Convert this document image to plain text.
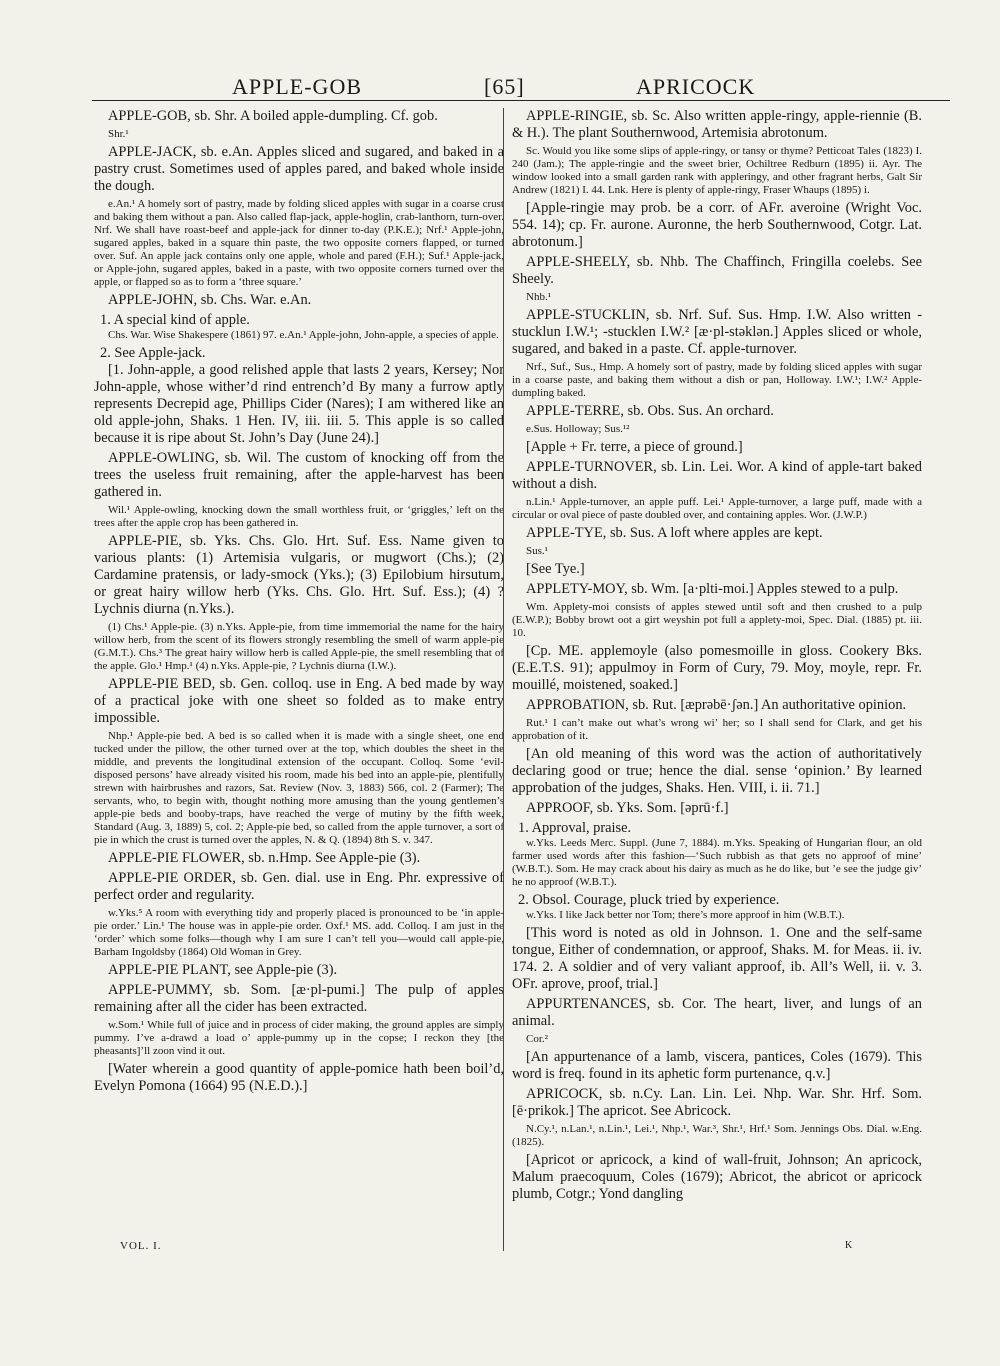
APPLE-GOB	[65]	APRICOCK

APPLE-GOB, sb. Shr. A boiled apple-dumpling. Cf. gob.

Shr.¹

APPLE-JACK, sb. e.An. Apples sliced and sugared, and baked in a pastry crust. Sometimes used of apples pared, and baked whole inside the dough.

e.An.¹ A homely sort of pastry, made by folding sliced apples with sugar in a coarse crust and baking them without a pan. Also called flap-jack, apple-hoglin, crab-lanthorn, turn-over. Nrf. We shall have roast-beef and apple-jack for dinner to-day (P.K.E.); Nrf.¹ Apple-john, sugared apples, baked in a square thin paste, the two opposite corners flapped, or turned over. Suf. An apple jack contains only one apple, whole and pared (F.H.); Suf.¹ Apple-jack, or Apple-john, sugared apples, baked in a paste, with two opposite corners turned over the apple, or flapped so as to form a ‘three square.’

APPLE-JOHN, sb. Chs. War. e.An.

1. A special kind of apple.

Chs. War. Wise Shakespere (1861) 97. e.An.¹ Apple-john, John-apple, a species of apple.

2. See Apple-jack.

[1. John-apple, a good relished apple that lasts 2 years, Kersey; Nor John-apple, whose wither’d rind entrench’d By many a furrow aptly represents Decrepid age, Phillips Cider (Nares); I am withered like an old apple-john, Shaks. 1 Hen. IV, iii. iii. 5. This apple is so called because it is ripe about St. John’s Day (June 24).]

APPLE-OWLING, sb. Wil. The custom of knocking off from the trees the useless fruit remaining, after the apple-harvest has been gathered in.

Wil.¹ Apple-owling, knocking down the small worthless fruit, or ‘griggles,’ left on the trees after the apple crop has been gathered in.

APPLE-PIE, sb. Yks. Chs. Glo. Hrt. Suf. Ess. Name given to various plants: (1) Artemisia vulgaris, or mugwort (Chs.); (2) Cardamine pratensis, or lady-smock (Yks.); (3) Epilobium hirsutum, or great hairy willow herb (Yks. Chs. Glo. Hrt. Suf. Ess.); (4) ? Lychnis diurna (n.Yks.).

(1) Chs.¹ Apple-pie. (3) n.Yks. Apple-pie, from time immemorial the name for the hairy willow herb, from the scent of its flowers strongly resembling the smell of warm apple-pie (G.M.T.). Chs.³ The great hairy willow herb is called Apple-pie, the smell resembling that of the apple. Glo.¹ Hmp.¹ (4) n.Yks. Apple-pie, ? Lychnis diurna (I.W.).

APPLE-PIE BED, sb. Gen. colloq. use in Eng. A bed made by way of a practical joke with one sheet so folded as to make entry impossible.

Nhp.¹ Apple-pie bed. A bed is so called when it is made with a single sheet, one end tucked under the pillow, the other turned over at the top, which doubles the sheet in the middle, and prevents the longitudinal extension of the occupant. Colloq. Some ‘evil-disposed persons’ have already visited his room, made his bed into an apple-pie, plentifully strewn with hairbrushes and razors, Sat. Review (Nov. 3, 1883) 566, col. 2 (Farmer); The servants, who, to begin with, thought nothing more amusing than the young gentlemen’s apple-pie beds and booby-traps, have reached the verge of mutiny by the fifth week, Standard (Aug. 3, 1889) 5, col. 2; Apple-pie bed, so called from the apple turnover, a sort of pie in which the crust is turned over the apples, N. & Q. (1894) 8th S. v. 347.

APPLE-PIE FLOWER, sb. n.Hmp. See Apple-pie (3).

APPLE-PIE ORDER, sb. Gen. dial. use in Eng. Phr. expressive of perfect order and regularity.

w.Yks.⁵ A room with everything tidy and properly placed is pronounced to be ‘in apple-pie order.’ Lin.¹ The house was in apple-pie order. Oxf.¹ MS. add. Colloq. I am just in the ‘order’ which some folks—though why I am sure I can’t tell you—would call apple-pie, Barham Ingoldsby (1864) Old Woman in Grey.

APPLE-PIE PLANT, see Apple-pie (3).

APPLE-PUMMY, sb. Som. [æ·pl-pumi.] The pulp of apples remaining after all the cider has been extracted.

w.Som.¹ While full of juice and in process of cider making, the ground apples are simply pummy. I’ve a-drawd a load o’ apple-pummy up in the copse; I reckon they [the pheasants]’ll zoon vind it out.

[Water wherein a good quantity of apple-pomice hath been boil’d, Evelyn Pomona (1664) 95 (N.E.D.).]

APPLE-RINGIE, sb. Sc. Also written apple-ringy, apple-riennie (B. & H.). The plant Southernwood, Artemisia abrotonum.

Sc. Would you like some slips of apple-ringy, or tansy or thyme? Petticoat Tales (1823) I. 240 (Jam.); The apple-ringie and the sweet brier, Ochiltree Redburn (1895) ii. Ayr. The window looked into a small garden rank with appleringy, and other fragrant herbs, Galt Sir Andrew (1821) I. 44. Lnk. Here is plenty of apple-ringy, Fraser Whaups (1895) i.

[Apple-ringie may prob. be a corr. of AFr. averoine (Wright Voc. 554. 14); cp. Fr. aurone. Auronne, the herb Southernwood, Cotgr. Lat. abrotonum.]

APPLE-SHEELY, sb. Nhb. The Chaffinch, Fringilla coelebs. See Sheely.

Nhb.¹

APPLE-STUCKLIN, sb. Nrf. Suf. Sus. Hmp. I.W. Also written -stucklun I.W.¹; -stucklen I.W.² [æ·pl-stəklən.] Apples sliced or whole, sugared, and baked in a paste. Cf. apple-turnover.

Nrf., Suf., Sus., Hmp. A homely sort of pastry, made by folding sliced apples with sugar in a coarse paste, and baking them without a dish or pan, Holloway. I.W.¹; I.W.² Apple-dumpling baked.

APPLE-TERRE, sb. Obs. Sus. An orchard.

e.Sus. Holloway; Sus.¹²

[Apple + Fr. terre, a piece of ground.]

APPLE-TURNOVER, sb. Lin. Lei. Wor. A kind of apple-tart baked without a dish.

n.Lin.¹ Apple-turnover, an apple puff. Lei.¹ Apple-turnover, a large puff, made with a circular or oval piece of paste doubled over, and containing apples. Wor. (J.W.P.)

APPLE-TYE, sb. Sus. A loft where apples are kept.

Sus.¹

[See Tye.]

APPLETY-MOY, sb. Wm. [a·plti-moi.] Apples stewed to a pulp.

Wm. Applety-moi consists of apples stewed until soft and then crushed to a pulp (E.W.P.); Bobby browt oot a girt weyshin pot full a applety-moi, Spec. Dial. (1885) pt. iii. 10.

[Cp. ME. applemoyle (also pomesmoille in gloss. Cookery Bks. (E.E.T.S. 91); appulmoy in Form of Cury, 79. Moy, moyle, repr. Fr. mouillé, moistened, soaked.]

APPROBATION, sb. Rut. [æprəbē·ʃən.] An authoritative opinion.

Rut.¹ I can’t make out what’s wrong wi’ her; so I shall send for Clark, and get his approbation of it.

[An old meaning of this word was the action of authoritatively declaring good or true; hence the dial. sense ‘opinion.’ By learned approbation of the judges, Shaks. Hen. VIII, i. ii. 71.]

APPROOF, sb. Yks. Som. [əprū·f.]

1. Approval, praise.

w.Yks. Leeds Merc. Suppl. (June 7, 1884). m.Yks. Speaking of Hungarian flour, an old farmer used words after this fashion—‘Such rubbish as that gets no approof of mine’ (W.B.T.). Som. He may crack about his dairy as much as he do like, but ’e see the judge giv’ he no approof (W.B.T.).

2. Obsol. Courage, pluck tried by experience.

w.Yks. I like Jack better nor Tom; there’s more approof in him (W.B.T.).

[This word is noted as old in Johnson. 1. One and the self-same tongue, Either of condemnation, or approof, Shaks. M. for Meas. ii. iv. 174. 2. A soldier and of very valiant approof, ib. All’s Well, ii. v. 3. OFr. aprove, proof, trial.]

APPURTENANCES, sb. Cor. The heart, liver, and lungs of an animal.

Cor.²

[An appurtenance of a lamb, viscera, pantices, Coles (1679). This word is freq. found in its aphetic form purtenance, q.v.]

APRICOCK, sb. n.Cy. Lan. Lin. Lei. Nhp. War. Shr. Hrf. Som. [ē·prikok.] The apricot. See Abricock.

N.Cy.¹, n.Lan.¹, n.Lin.¹, Lei.¹, Nhp.¹, War.³, Shr.¹, Hrf.¹ Som. Jennings Obs. Dial. w.Eng. (1825).

[Apricot or apricock, a kind of wall-fruit, Johnson; An apricock, Malum praecoquum, Coles (1679); Abricot, the abricot or apricock plumb, Cotgr.; Yond dangling

VOL. I.	K
